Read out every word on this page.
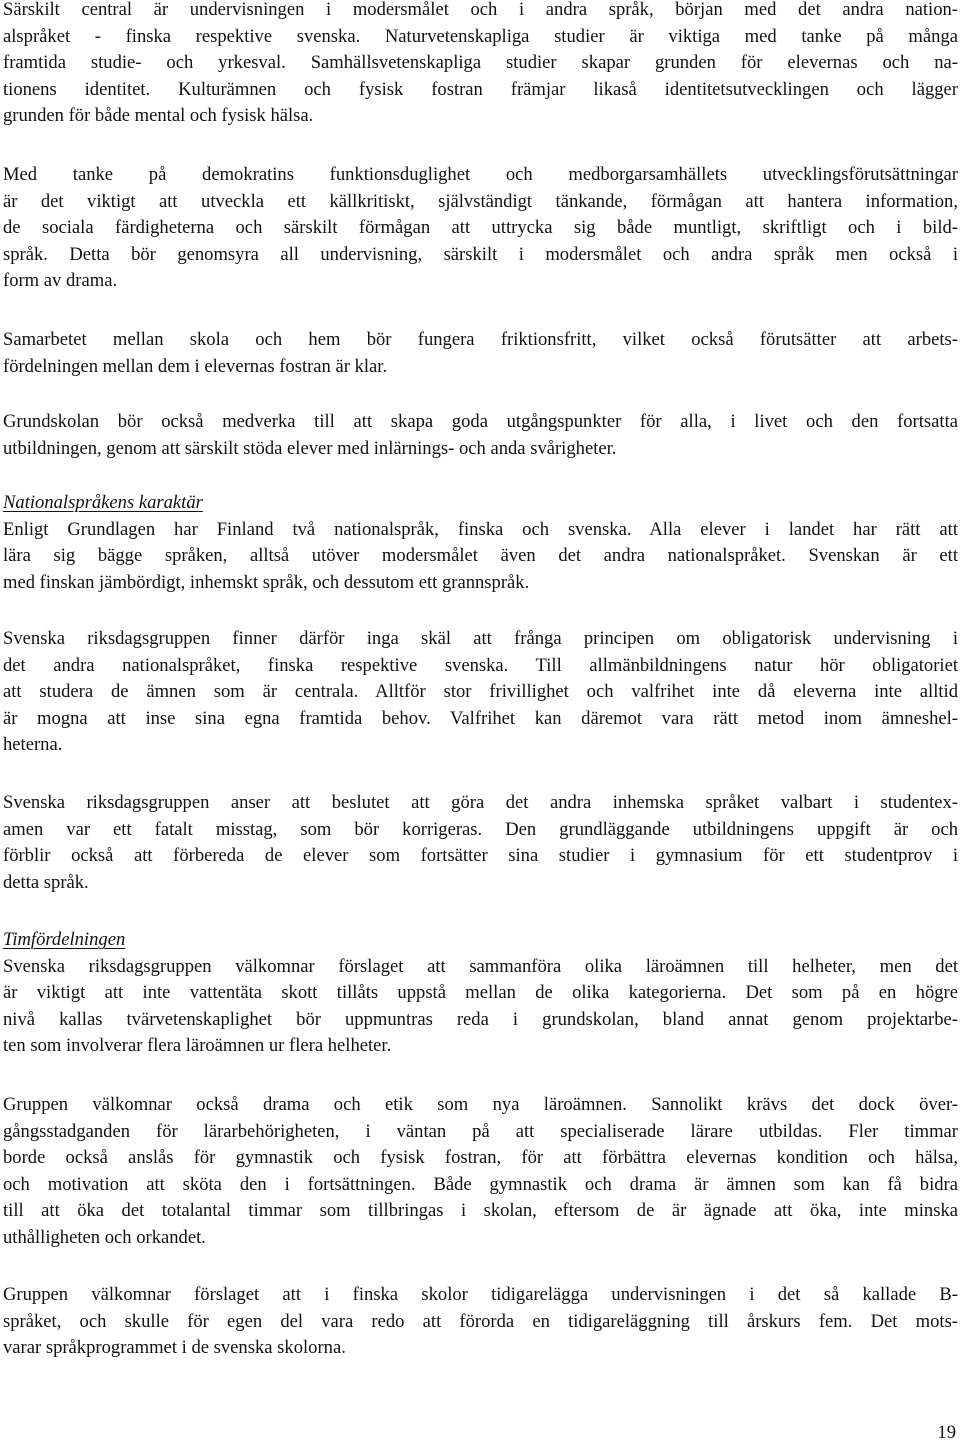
Särskilt central är undervisningen i modersmålet och i andra språk, början med det andra nation-
alspråket - finska respektive svenska. Naturvetenskapliga studier är viktiga med tanke på många
framtida studie- och yrkesval. Samhällsvetenskapliga studier skapar grunden för elevernas och na-
tionens identitet. Kulturämnen och fysisk fostran främjar likaså identitetsutvecklingen och lägger
grunden för både mental och fysisk hälsa.
Med tanke på demokratins funktionsduglighet och medborgarsamhällets utvecklingsförutsättningar
är det viktigt att utveckla ett källkritiskt, självständigt tänkande, förmågan att hantera information,
de sociala färdigheterna och särskilt förmågan att uttrycka sig både muntligt, skriftligt och i bild-
språk. Detta bör genomsyra all undervisning, särskilt i modersmålet och andra språk men också i
form av drama.
Samarbetet mellan skola och hem bör fungera friktionsfritt, vilket också förutsätter att arbets-
fördelningen mellan dem i elevernas fostran är klar.
Grundskolan bör också medverka till att skapa goda utgångspunkter för alla, i livet och den fortsatta
utbildningen, genom att särskilt stöda elever med inlärnings- och anda svårigheter.
Nationalspråkens karaktär
Enligt Grundlagen har Finland två nationalspråk, finska och svenska. Alla elever i landet har rätt att
lära sig bägge språken, alltså utöver modersmålet även det andra nationalspråket. Svenskan är ett
med finskan jämbördigt, inhemskt språk, och dessutom ett grannspråk.
Svenska riksdagsgruppen finner därför inga skäl att frånga principen om obligatorisk undervisning i
det andra nationalspråket, finska respektive svenska. Till allmänbildningens natur hör obligatoriet
att studera de ämnen som är centrala. Alltför stor frivillighet och valfrihet inte då eleverna inte alltid
är mogna att inse sina egna framtida behov. Valfrihet kan däremot vara rätt metod inom ämneshel-
heterna.
Svenska riksdagsgruppen anser att beslutet att göra det andra inhemska språket valbart i studentex-
amen var ett fatalt misstag, som bör korrigeras. Den grundläggande utbildningens uppgift är och
förblir också att förbereda de elever som fortsätter sina studier i gymnasium för ett studentprov i
detta språk.
Timfördelningen
Svenska riksdagsgruppen välkomnar förslaget att sammanföra olika läroämnen till helheter, men det
är viktigt att inte vattentäta skott tillåts uppstå mellan de olika kategorierna. Det som på en högre
nivå kallas tvärvetenskaplighet bör uppmuntras reda i grundskolan, bland annat genom projektarbe-
ten som involverar flera läroämnen ur flera helheter.
Gruppen välkomnar också drama och etik som nya läroämnen. Sannolikt krävs det dock över-
gångsstadganden för lärarbehörigheten, i väntan på att specialiserade lärare utbildas. Fler timmar
borde också anslås för gymnastik och fysisk fostran, för att förbättra elevernas kondition och hälsa,
och motivation att sköta den i fortsättningen. Både gymnastik och drama är ämnen som kan få bidra
till att öka det totalantal timmar som tillbringas i skolan, eftersom de är ägnade att öka, inte minska
uthålligheten och orkandet.
Gruppen välkomnar förslaget att i finska skolor tidigarelägga undervisningen i det så kallade B-
språket, och skulle för egen del vara redo att förorda en tidigareläggning till årskurs fem. Det mots-
varar språkprogrammet i de svenska skolorna.
19
